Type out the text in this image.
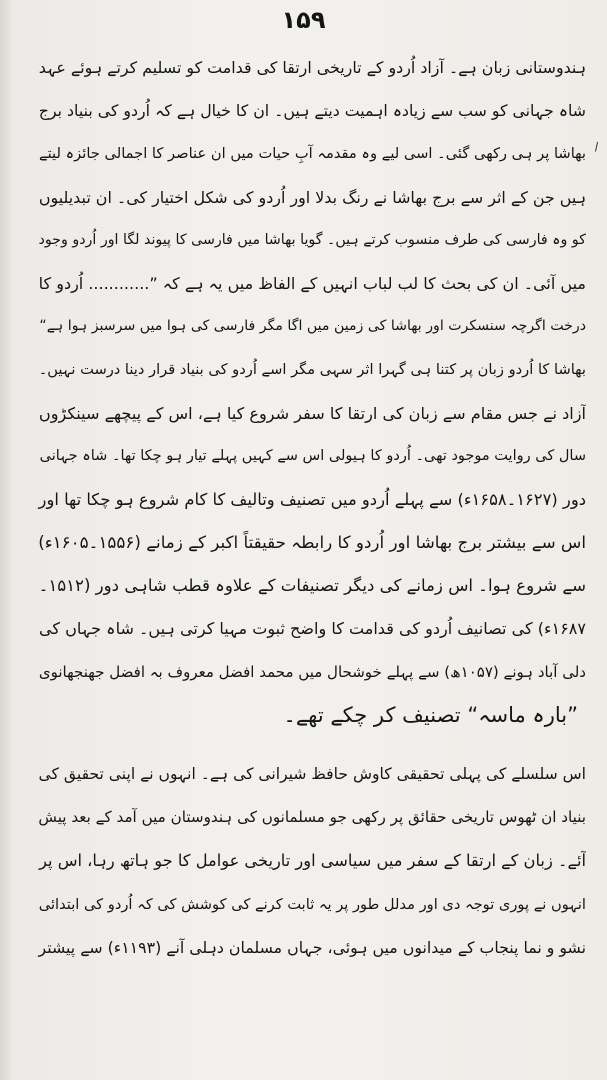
۱۵۹
ہندوستانی زبان ہے۔ آزاد اُردو کے تاریخی ارتقا کی قدامت کو تسلیم کرتے ہوئے عہد
شاہ جہانی کو سب سے زیادہ اہمیت دیتے ہیں۔ ان کا خیال ہے کہ اُردو کی بنیاد برج
بھاشا پر ہی رکھی گئی۔ اسی لیے وہ مقدمہ آبِ حیات میں ان عناصر کا اجمالی جائزہ لیتے
ہیں جن کے اثر سے برج بھاشا نے رنگ بدلا اور اُردو کی شکل اختیار کی۔ ان تبدیلیوں
کو وہ فارسی کی طرف منسوب کرتے ہیں۔ گویا بھاشا میں فارسی کا پیوند لگا اور اُردو وجود
میں آئی۔ ان کی بحث کا لب لباب انہیں کے الفاظ میں یہ ہے کہ ”............ اُردو کا
درخت اگرچہ سنسکرت اور بھاشا کی زمین میں اگا مگر فارسی کی ہوا میں سرسبز ہوا ہے“
بھاشا کا اُردو زبان پر کتنا ہی گہرا اثر سہی مگر اسے اُردو کی بنیاد قرار دینا درست نہیں۔
آزاد نے جس مقام سے زبان کی ارتقا کا سفر شروع کیا ہے، اس کے پیچھے سینکڑوں
سال کی روایت موجود تھی۔ اُردو کا ہیولی اس سے کہیں پہلے تیار ہو چکا تھا۔ شاہ جہانی
دور (۱۶۲۷۔۱۶۵۸ء) سے پہلے اُردو میں تصنیف وتالیف کا کام شروع ہو چکا تھا اور
اس سے بیشتر برج بھاشا اور اُردو کا رابطہ حقیقتاً اکبر کے زمانے (۱۵۵۶۔۱۶۰۵ء)
سے شروع ہوا۔ اس زمانے کی دیگر تصنیفات کے علاوہ قطب شاہی دور (۱۵۱۲۔
۱۶۸۷ء) کی تصانیف اُردو کی قدامت کا واضح ثبوت مہیا کرتی ہیں۔ شاہ جہاں کی
دلی آباد ہونے (۱۰۵۷ھ) سے پہلے خوشحال میں محمد افضل معروف بہ افضل جھنجھانوی
”بارہ ماسہ“ تصنیف کر چکے تھے۔
اس سلسلے کی پہلی تحقیقی کاوش حافظ شیرانی کی ہے۔ انہوں نے اپنی تحقیق کی
بنیاد ان ٹھوس تاریخی حقائق پر رکھی جو مسلمانوں کی ہندوستان میں آمد کے بعد پیش
آئے۔ زبان کے ارتقا کے سفر میں سیاسی اور تاریخی عوامل کا جو ہاتھ رہا، اس پر
انہوں نے پوری توجہ دی اور مدلل طور پر یہ ثابت کرنے کی کوشش کی کہ اُردو کی ابتدائی
نشو و نما پنجاب کے میدانوں میں ہوئی، جہاں مسلمان دہلی آنے (۱۱۹۳ء) سے پیشتر
